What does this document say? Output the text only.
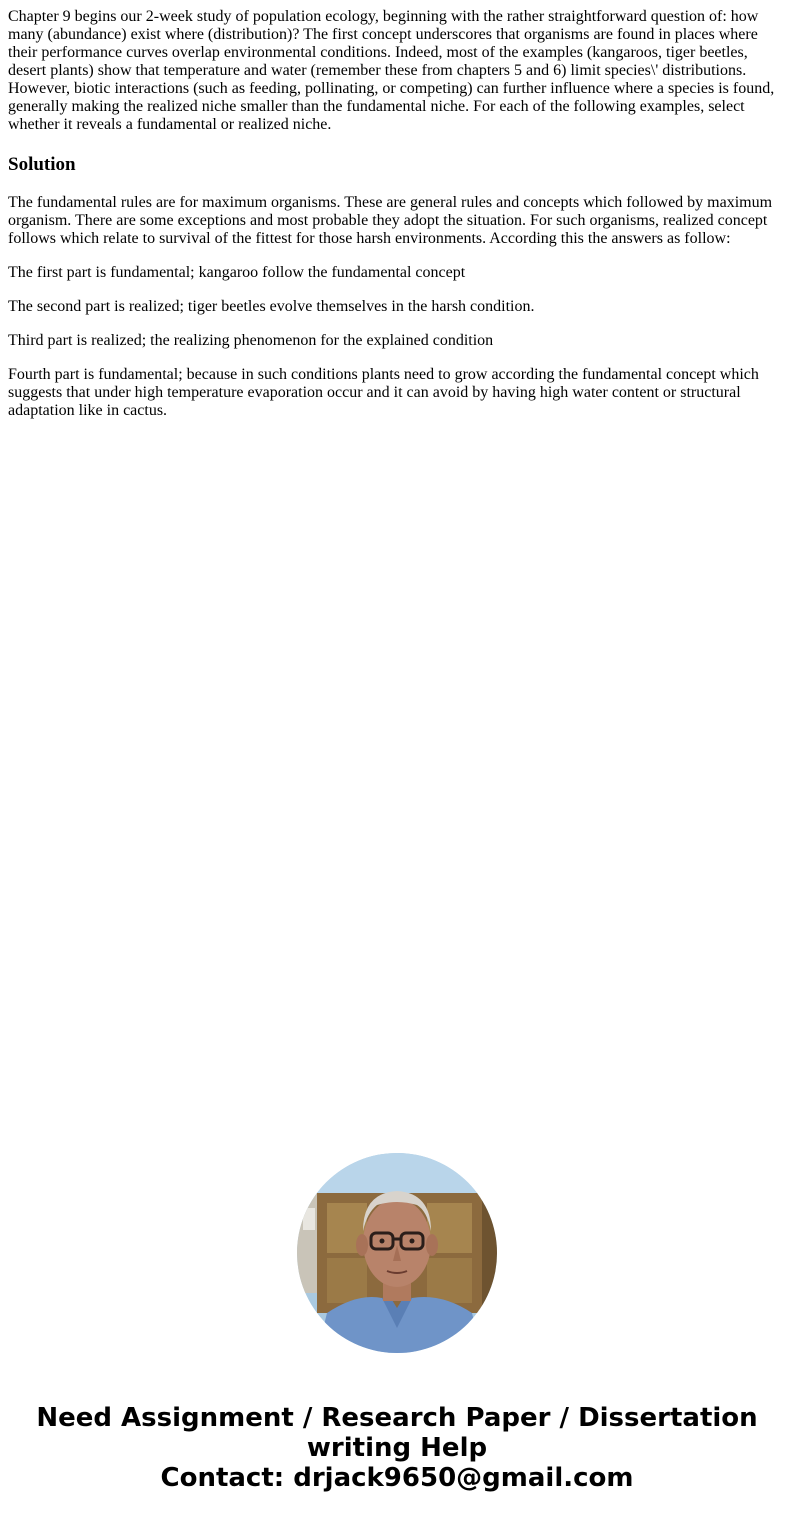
Chapter 9 begins our 2-week study of population ecology, beginning with the rather straightforward question of: how many (abundance) exist where (distribution)? The first concept underscores that organisms are found in places where their performance curves overlap environmental conditions. Indeed, most of the examples (kangaroos, tiger beetles, desert plants) show that temperature and water (remember these from chapters 5 and 6) limit species\' distributions. However, biotic interactions (such as feeding, pollinating, or competing) can further influence where a species is found, generally making the realized niche smaller than the fundamental niche. For each of the following examples, select whether it reveals a fundamental or realized niche.

Solution

The fundamental rules are for maximum organisms. These are general rules and concepts which followed by maximum organism. There are some exceptions and most probable they adopt the situation. For such organisms, realized concept follows which relate to survival of the fittest for those harsh environments. According this the answers as follow:

The first part is fundamental; kangaroo follow the fundamental concept

The second part is realized; tiger beetles evolve themselves in the harsh condition.

Third part is realized; the realizing phenomenon for the explained condition

Fourth part is fundamental; because in such conditions plants need to grow according the fundamental concept which suggests that under high temperature evaporation occur and it can avoid by having high water content or structural adaptation like in cactus.

Need Assignment / Research Paper / Dissertation
writing Help
Contact: drjack9650@gmail.com
